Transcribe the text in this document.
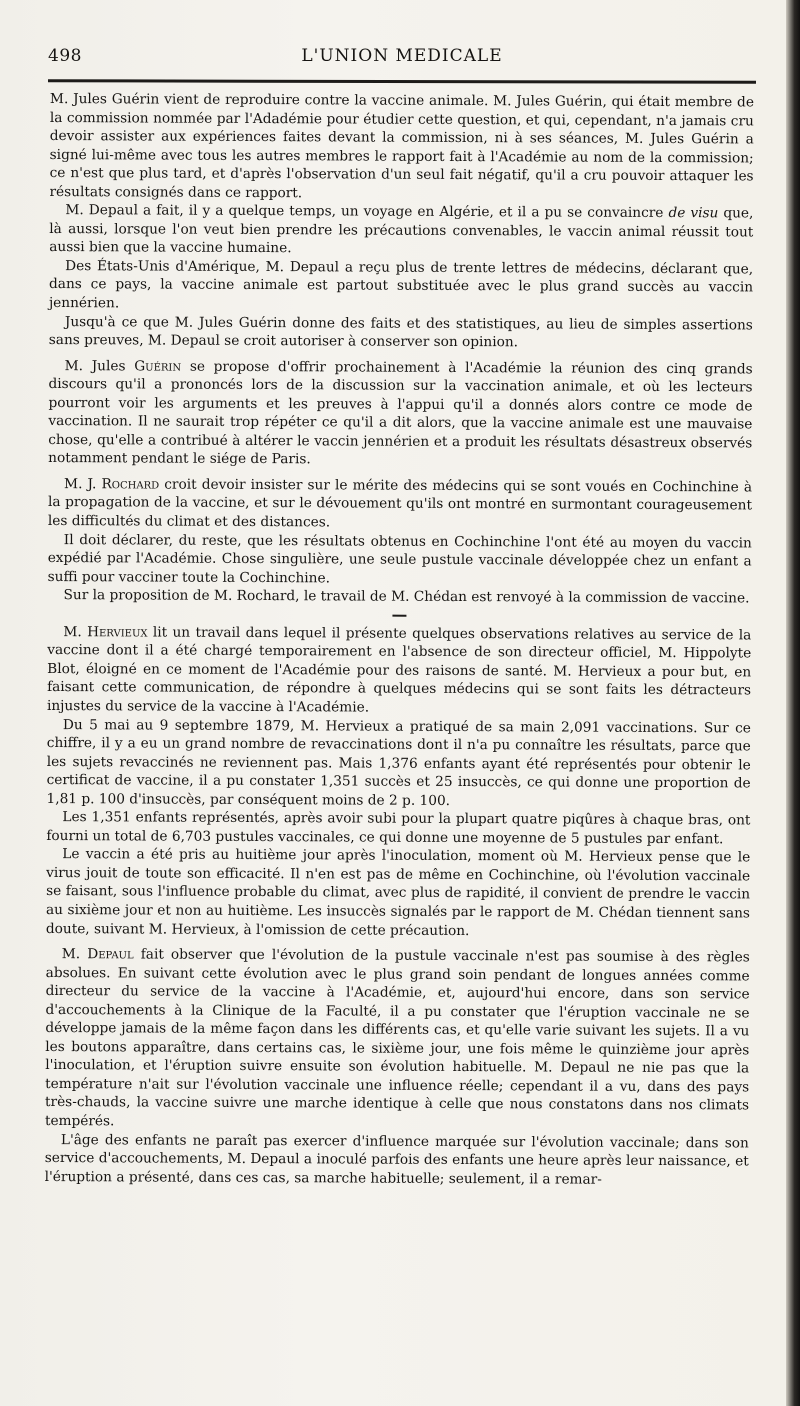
498	L'UNION MEDICALE

M. Jules Guérin vient de reproduire contre la vaccine animale. M. Jules Guérin, qui était membre de la commission nommée par l'Adadémie pour étudier cette question, et qui, cependant, n'a jamais cru devoir assister aux expériences faites devant la commission, ni à ses séances, M. Jules Guérin a signé lui-même avec tous les autres membres le rapport fait à l'Académie au nom de la commission; ce n'est que plus tard, et d'après l'observation d'un seul fait négatif, qu'il a cru pouvoir attaquer les résultats consignés dans ce rapport.

M. Depaul a fait, il y a quelque temps, un voyage en Algérie, et il a pu se convaincre de visu que, là aussi, lorsque l'on veut bien prendre les précautions convenables, le vaccin animal réussit tout aussi bien que la vaccine humaine.

Des États-Unis d'Amérique, M. Depaul a reçu plus de trente lettres de médecins, déclarant que, dans ce pays, la vaccine animale est partout substituée avec le plus grand succès au vaccin jennérien.

Jusqu'à ce que M. Jules Guérin donne des faits et des statistiques, au lieu de simples assertions sans preuves, M. Depaul se croit autoriser à conserver son opinion.

M. Jules Guérin se propose d'offrir prochainement à l'Académie la réunion des cinq grands discours qu'il a prononcés lors de la discussion sur la vaccination animale, et où les lecteurs pourront voir les arguments et les preuves à l'appui qu'il a donnés alors contre ce mode de vaccination. Il ne saurait trop répéter ce qu'il a dit alors, que la vaccine animale est une mauvaise chose, qu'elle a contribué à altérer le vaccin jennérien et a produit les résultats désastreux observés notamment pendant le siége de Paris.

M. J. Rochard croit devoir insister sur le mérite des médecins qui se sont voués en Cochinchine à la propagation de la vaccine, et sur le dévouement qu'ils ont montré en surmontant courageusement les difficultés du climat et des distances.

Il doit déclarer, du reste, que les résultats obtenus en Cochinchine l'ont été au moyen du vaccin expédié par l'Académie. Chose singulière, une seule pustule vaccinale développée chez un enfant a suffi pour vacciner toute la Cochinchine.

Sur la proposition de M. Rochard, le travail de M. Chédan est renvoyé à la commission de vaccine.

M. Hervieux lit un travail dans lequel il présente quelques observations relatives au service de la vaccine dont il a été chargé temporairement en l'absence de son directeur officiel, M. Hippolyte Blot, éloigné en ce moment de l'Académie pour des raisons de santé. M. Hervieux a pour but, en faisant cette communication, de répondre à quelques médecins qui se sont faits les détracteurs injustes du service de la vaccine à l'Académie.

Du 5 mai au 9 septembre 1879, M. Hervieux a pratiqué de sa main 2,091 vaccinations. Sur ce chiffre, il y a eu un grand nombre de revaccinations dont il n'a pu connaître les résultats, parce que les sujets revaccinés ne reviennent pas. Mais 1,376 enfants ayant été représentés pour obtenir le certificat de vaccine, il a pu constater 1,351 succès et 25 insuccès, ce qui donne une proportion de 1,81 p. 100 d'insuccès, par conséquent moins de 2 p. 100.

Les 1,351 enfants représentés, après avoir subi pour la plupart quatre piqûres à chaque bras, ont fourni un total de 6,703 pustules vaccinales, ce qui donne une moyenne de 5 pustules par enfant.

Le vaccin a été pris au huitième jour après l'inoculation, moment où M. Hervieux pense que le virus jouit de toute son efficacité. Il n'en est pas de même en Cochinchine, où l'évolution vaccinale se faisant, sous l'influence probable du climat, avec plus de rapidité, il convient de prendre le vaccin au sixième jour et non au huitième. Les insuccès signalés par le rapport de M. Chédan tiennent sans doute, suivant M. Hervieux, à l'omission de cette précaution.

M. Depaul fait observer que l'évolution de la pustule vaccinale n'est pas soumise à des règles absolues. En suivant cette évolution avec le plus grand soin pendant de longues années comme directeur du service de la vaccine à l'Académie, et, aujourd'hui encore, dans son service d'accouchements à la Clinique de la Faculté, il a pu constater que l'éruption vaccinale ne se développe jamais de la même façon dans les différents cas, et qu'elle varie suivant les sujets. Il a vu les boutons apparaître, dans certains cas, le sixième jour, une fois même le quinzième jour après l'inoculation, et l'éruption suivre ensuite son évolution habituelle. M. Depaul ne nie pas que la température n'ait sur l'évolution vaccinale une influence réelle; cependant il a vu, dans des pays très-chauds, la vaccine suivre une marche identique à celle que nous constatons dans nos climats tempérés.

L'âge des enfants ne paraît pas exercer d'influence marquée sur l'évolution vaccinale; dans son service d'accouchements, M. Depaul a inoculé parfois des enfants une heure après leur naissance, et l'éruption a présenté, dans ces cas, sa marche habituelle; seulement, il a remar-
